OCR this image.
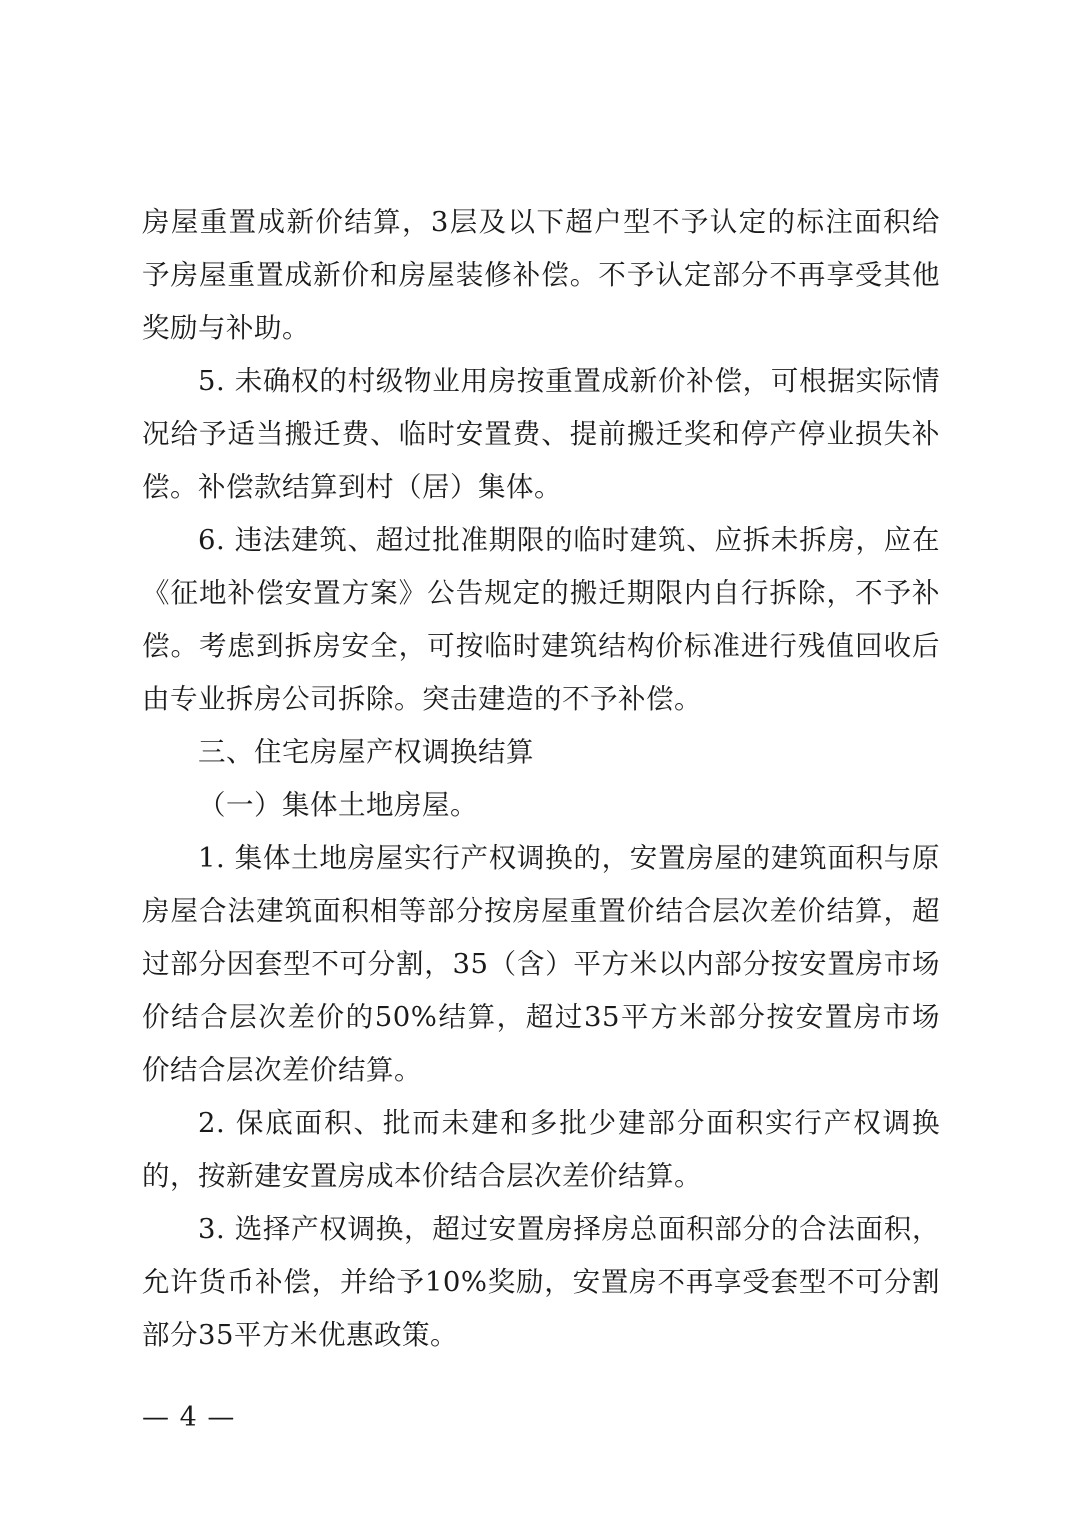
房屋重置成新价结算，3层及以下超户型不予认定的标注面积给予房屋重置成新价和房屋装修补偿。不予认定部分不再享受其他奖励与补助。

5. 未确权的村级物业用房按重置成新价补偿，可根据实际情况给予适当搬迁费、临时安置费、提前搬迁奖和停产停业损失补偿。补偿款结算到村（居）集体。

6. 违法建筑、超过批准期限的临时建筑、应拆未拆房，应在《征地补偿安置方案》公告规定的搬迁期限内自行拆除，不予补偿。考虑到拆房安全，可按临时建筑结构价标准进行残值回收后由专业拆房公司拆除。突击建造的不予补偿。

三、住宅房屋产权调换结算

（一）集体土地房屋。

1. 集体土地房屋实行产权调换的，安置房屋的建筑面积与原房屋合法建筑面积相等部分按房屋重置价结合层次差价结算，超过部分因套型不可分割，35（含）平方米以内部分按安置房市场价结合层次差价的50%结算，超过35平方米部分按安置房市场价结合层次差价结算。

2. 保底面积、批而未建和多批少建部分面积实行产权调换的，按新建安置房成本价结合层次差价结算。

3. 选择产权调换，超过安置房择房总面积部分的合法面积，允许货币补偿，并给予10%奖励，安置房不再享受套型不可分割部分35平方米优惠政策。

— 4 —
